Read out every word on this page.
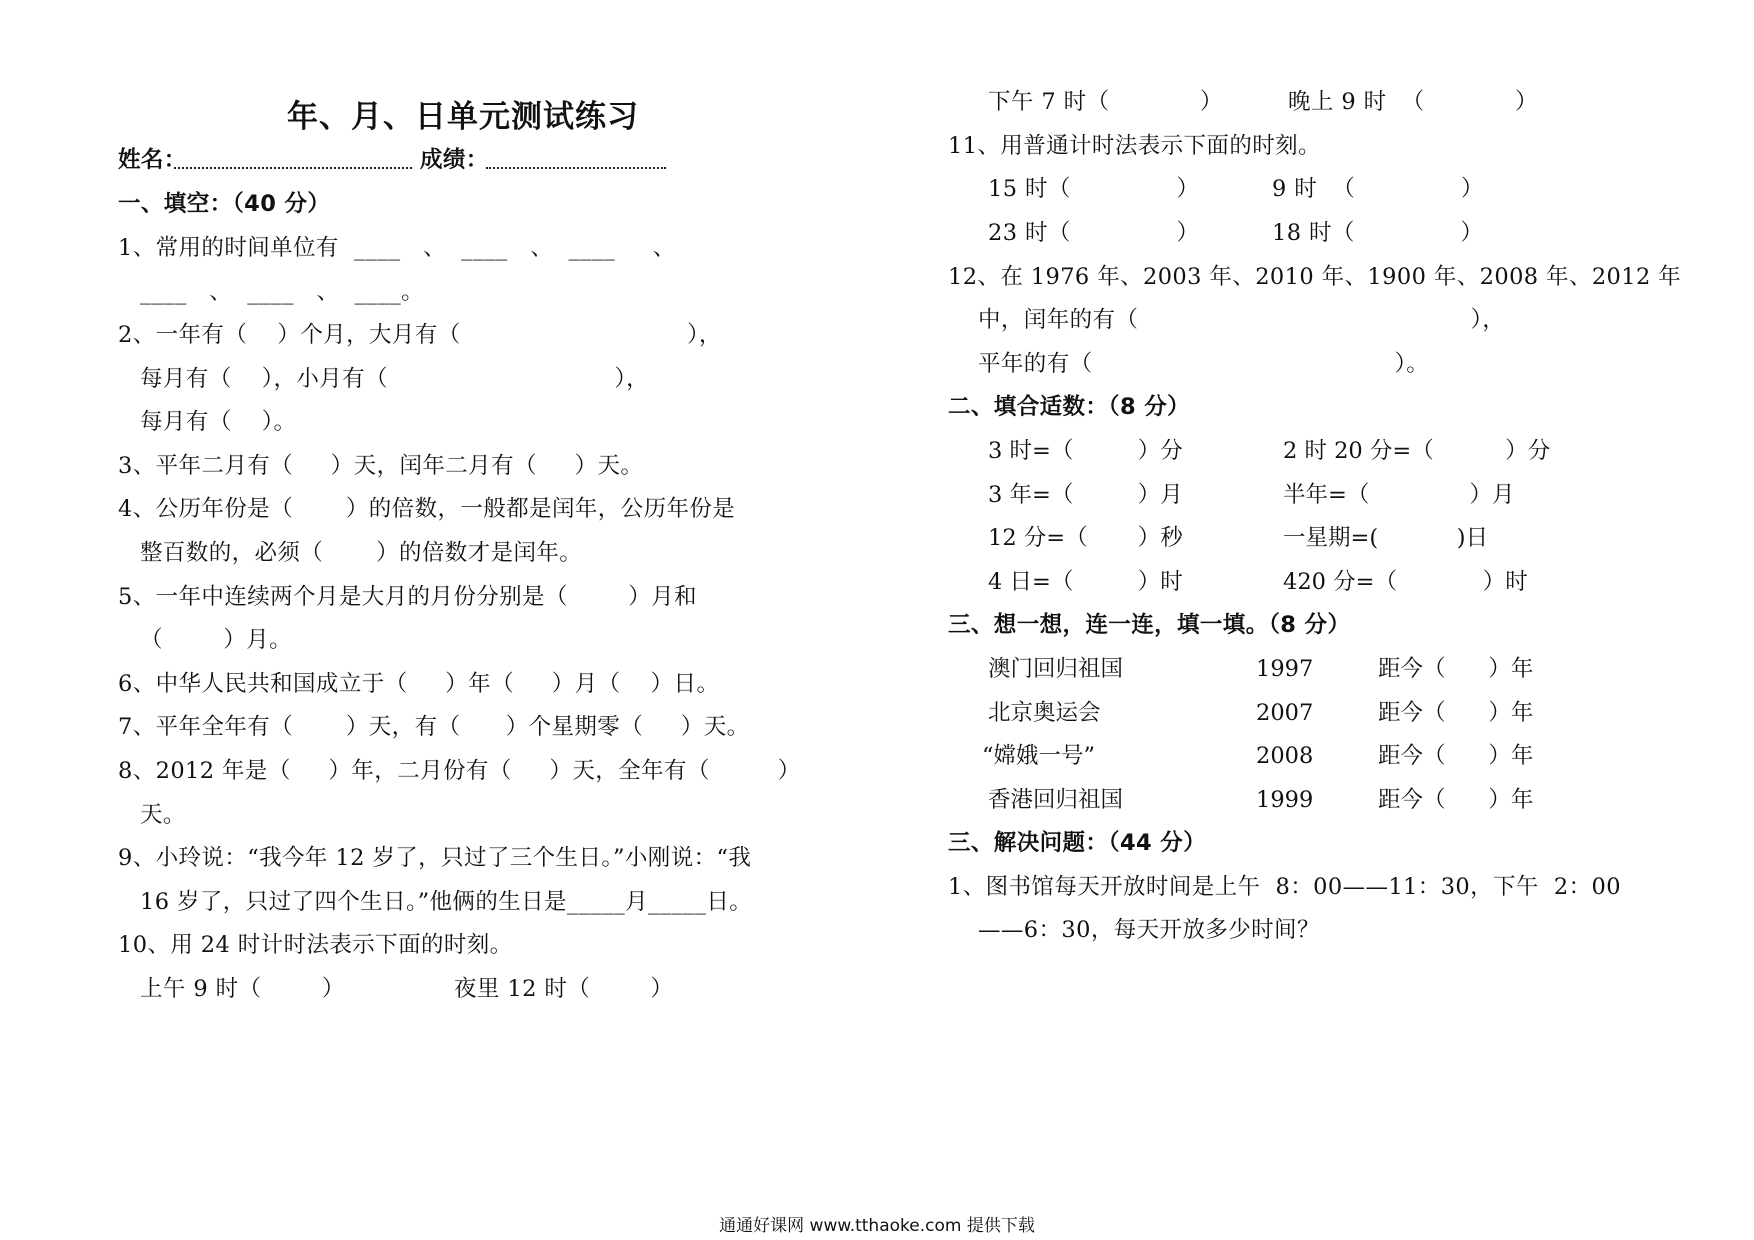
年、月、日单元测试练习
姓名：	成绩：
一、填空：（40 分）
1、常用的时间单位有  ____   、  ____   、  ____     、
____   、  ____   、  ____。
2、一年有（    ）个月，大月有（                              ），
每月有（    ），小月有（                              ），
每月有（    ）。
3、平年二月有（     ）天，闰年二月有（     ）天。
4、公历年份是（       ）的倍数，一般都是闰年，公历年份是
整百数的，必须（       ）的倍数才是闰年。
5、一年中连续两个月是大月的月份分别是（        ）月和
（        ）月。
6、中华人民共和国成立于（     ）年（     ）月（    ）日。
7、平年全年有（       ）天，有（      ）个星期零（     ）天。
8、2012 年是（     ）年，二月份有（     ）天，全年有（         ）
天。
9、小玲说：“我今年 12 岁了，只过了三个生日。”小刚说：“我
16 岁了，只过了四个生日。”他俩的生日是_____月_____日。
10、用 24 时计时法表示下面的时刻。
上午 9 时（        ）	夜里 12 时（        ）
下午 7 时（            ）	晚上 9 时  （            ）
11、用普通计时法表示下面的时刻。
15 时（              ）	9 时  （              ）
23 时（              ）	18 时（              ）
12、在 1976 年、2003 年、2010 年、1900 年、2008 年、2012 年
中，闰年的有（                                            ），
平年的有（                                        ）。
二、填合适数：（8 分）
3 时=（         ）分	2 时 20 分=（          ）分
3 年=（         ）月	半年=（              ）月
12 分=（       ）秒	一星期=(           )日
4 日=（         ）时	420 分=（            ）时
三、想一想，连一连，填一填。（8 分）
澳门回归祖国	1997	距今（      ）年
北京奥运会	2007	距今（      ）年
“嫦娥一号”	2008	距今（      ）年
香港回归祖国	1999	距今（      ）年
三、解决问题：（44 分）
1、图书馆每天开放时间是上午  8：00——11：30，下午  2：00
——6：30，每天开放多少时间？
通通好课网 www.tthaoke.com 提供下载
